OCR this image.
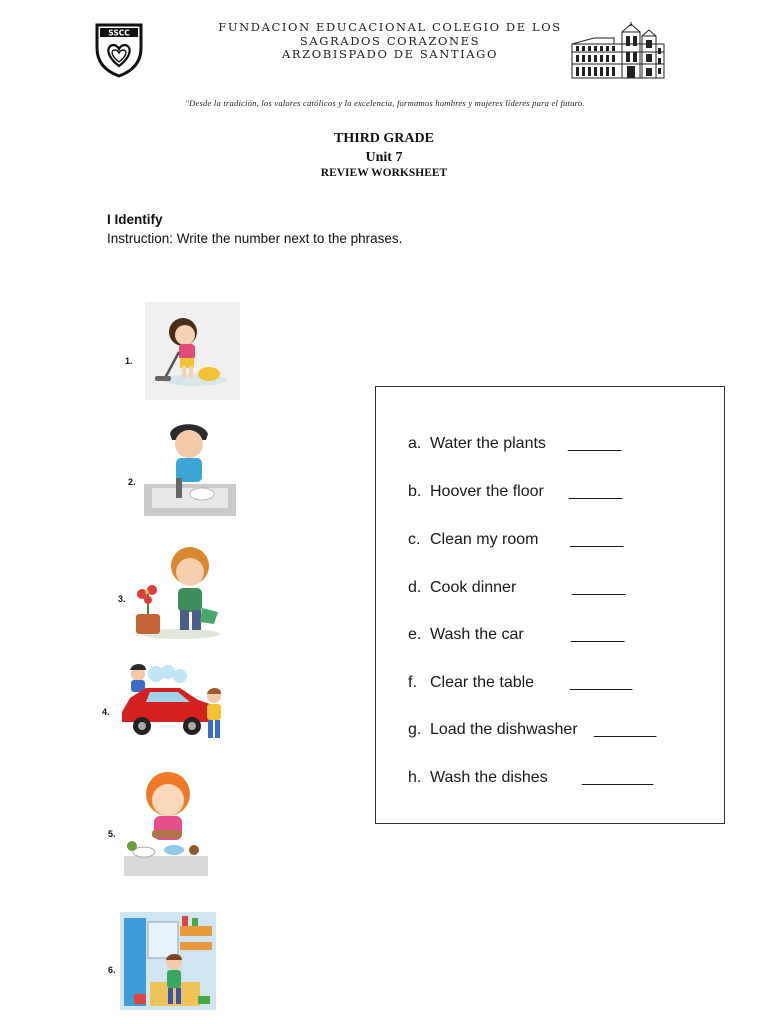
SSCC	FUNDACION EDUCACIONAL COLEGIO DE LOS
SAGRADOS CORAZONES
ARZOBISPADO DE SANTIAGO
"Desde la tradición, los valores católicos y la excelencia, formamos hombres y mujeres líderes para el futuro.
THIRD GRADE
Unit 7
REVIEW WORKSHEET
I Identify
Instruction: Write the number next to the phrases.
1.
2.
3.
4.
5.
6.
a. Water the plants ______
b. Hoover the floor ______
c. Clean my room ______
d. Cook dinner	______
e. Wash the car	______
f. Clear the table _______
g. Load the dishwasher _______
h. Wash the dishes ________
